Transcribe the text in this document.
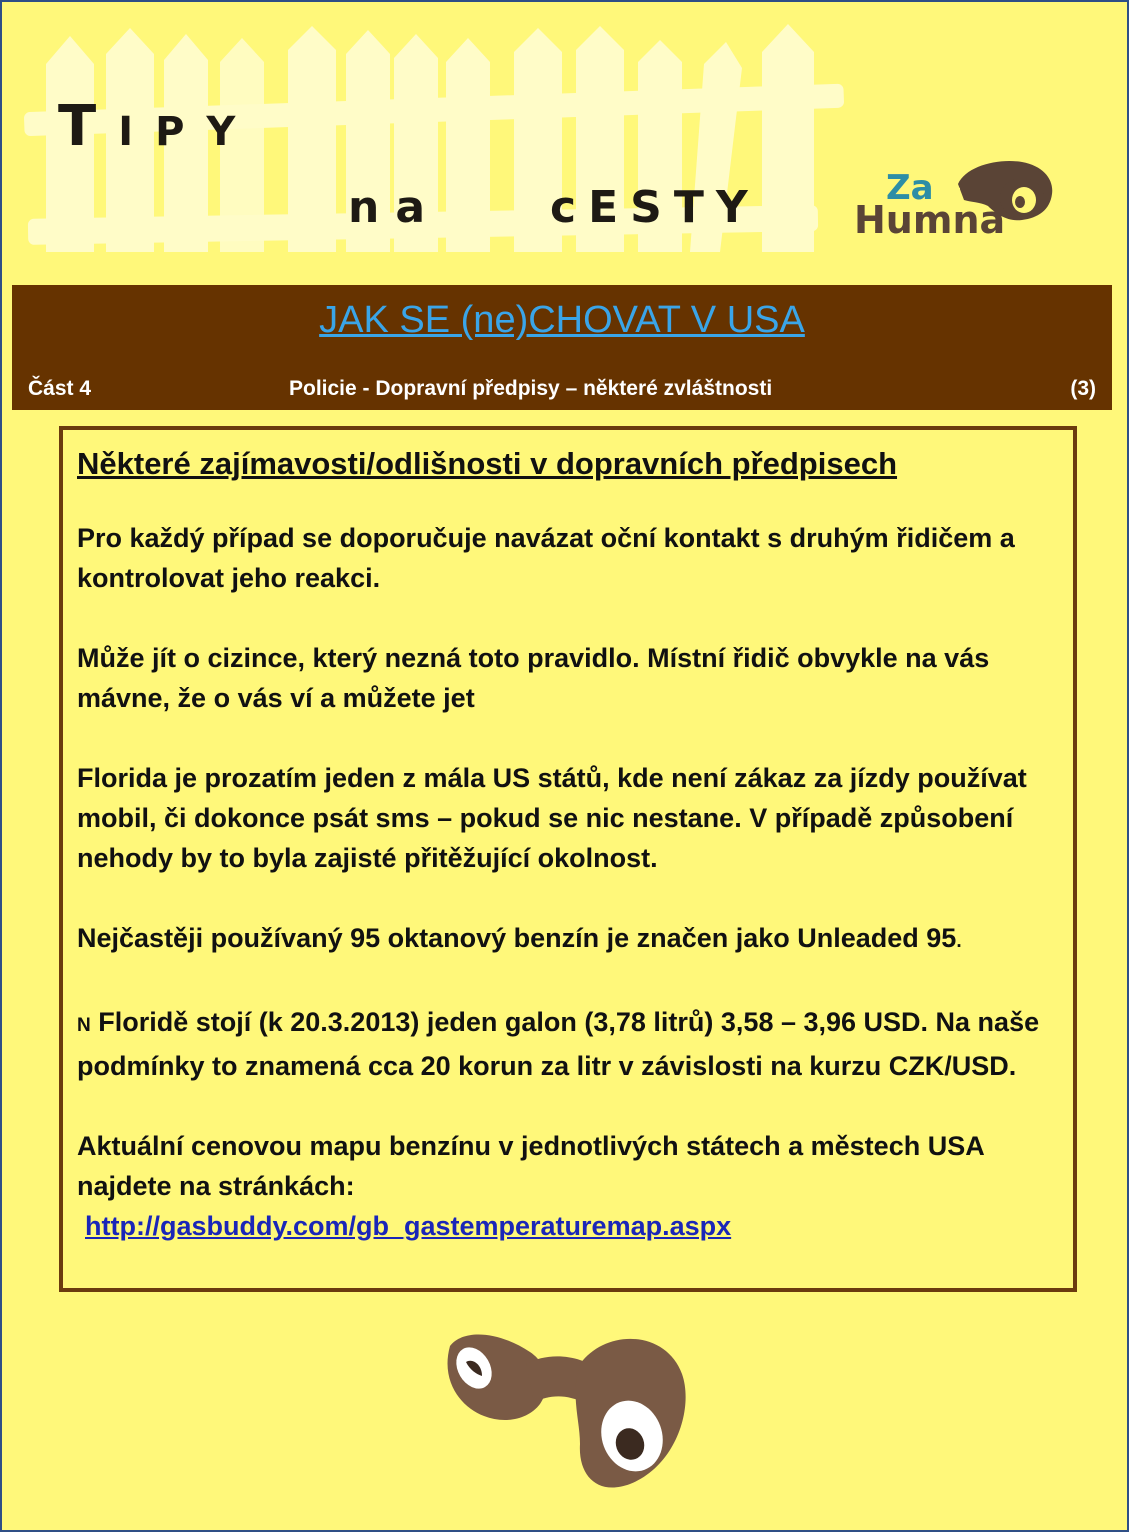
TIPY

na cESTY	Za

Humna

JAK SE (ne)CHOVAT V USA

Část 4	Policie - Dopravní předpisy – některé zvláštnosti	(3)

Některé zajímavosti/odlišnosti v dopravních předpisech

Pro každý případ se doporučuje navázat oční kontakt s druhým řidičem a kontrolovat jeho reakci.

Může jít o cizince, který nezná toto pravidlo. Místní řidič obvykle na vás mávne, že o vás ví a můžete jet

Florida je prozatím jeden z mála US států, kde není zákaz za jízdy používat mobil, či dokonce psát sms – pokud se nic nestane. V případě způsobení nehody by to byla zajisté přitěžující okolnost.

Nejčastěji používaný 95 oktanový benzín je značen jako Unleaded 95.

N Floridě stojí (k 20.3.2013) jeden galon (3,78 litrů) 3,58 – 3,96 USD. Na naše podmínky to znamená cca 20 korun za litr v závislosti na kurzu CZK/USD.

Aktuální cenovou mapu benzínu v jednotlivých státech a městech USA najdete na stránkách:
http://gasbuddy.com/gb_gastemperaturemap.aspx
